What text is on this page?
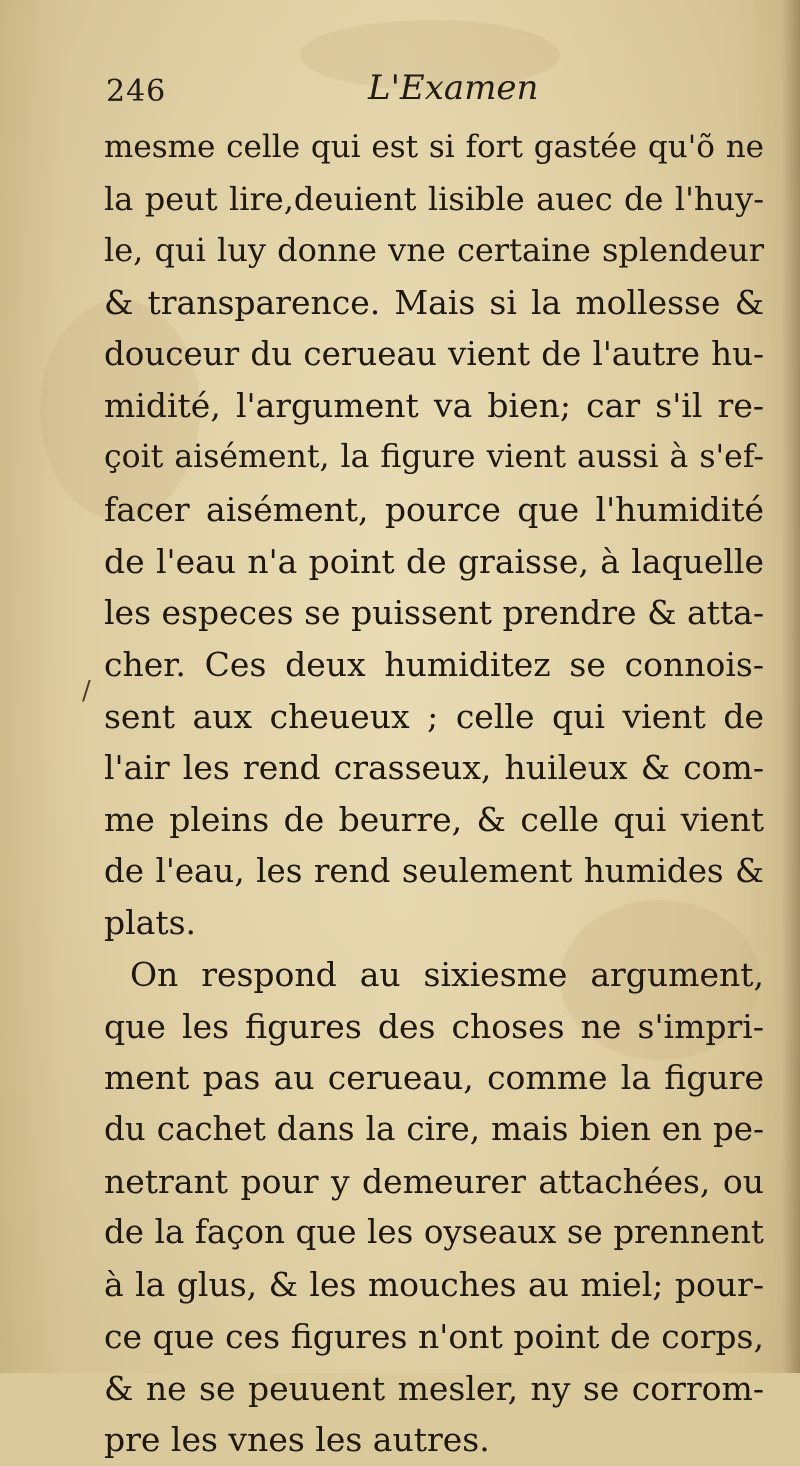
246	L'Examen
/
mesme celle qui est si fort gastée qu'õ ne
la peut lire,deuient lisible auec de l'huy-
le, qui luy donne vne certaine splendeur
& transparence. Mais si la mollesse &
douceur du cerueau vient de l'autre hu-
midité, l'argument va bien; car s'il re-
çoit aisément, la figure vient aussi à s'ef-
facer aisément, pource que l'humidité
de l'eau n'a point de graisse, à laquelle
les especes se puissent prendre & atta-
cher. Ces deux humiditez se connois-
sent aux cheueux ; celle qui vient de
l'air les rend crasseux, huileux & com-
me pleins de beurre, & celle qui vient
de l'eau, les rend seulement humides &
plats.
On respond au sixiesme argument,
que les figures des choses ne s'impri-
ment pas au cerueau, comme la figure
du cachet dans la cire, mais bien en pe-
netrant pour y demeurer attachées, ou
de la façon que les oyseaux se prennent
à la glus, & les mouches au miel; pour-
ce que ces figures n'ont point de corps,
& ne se peuuent mesler, ny se corrom-
pre les vnes les autres.
